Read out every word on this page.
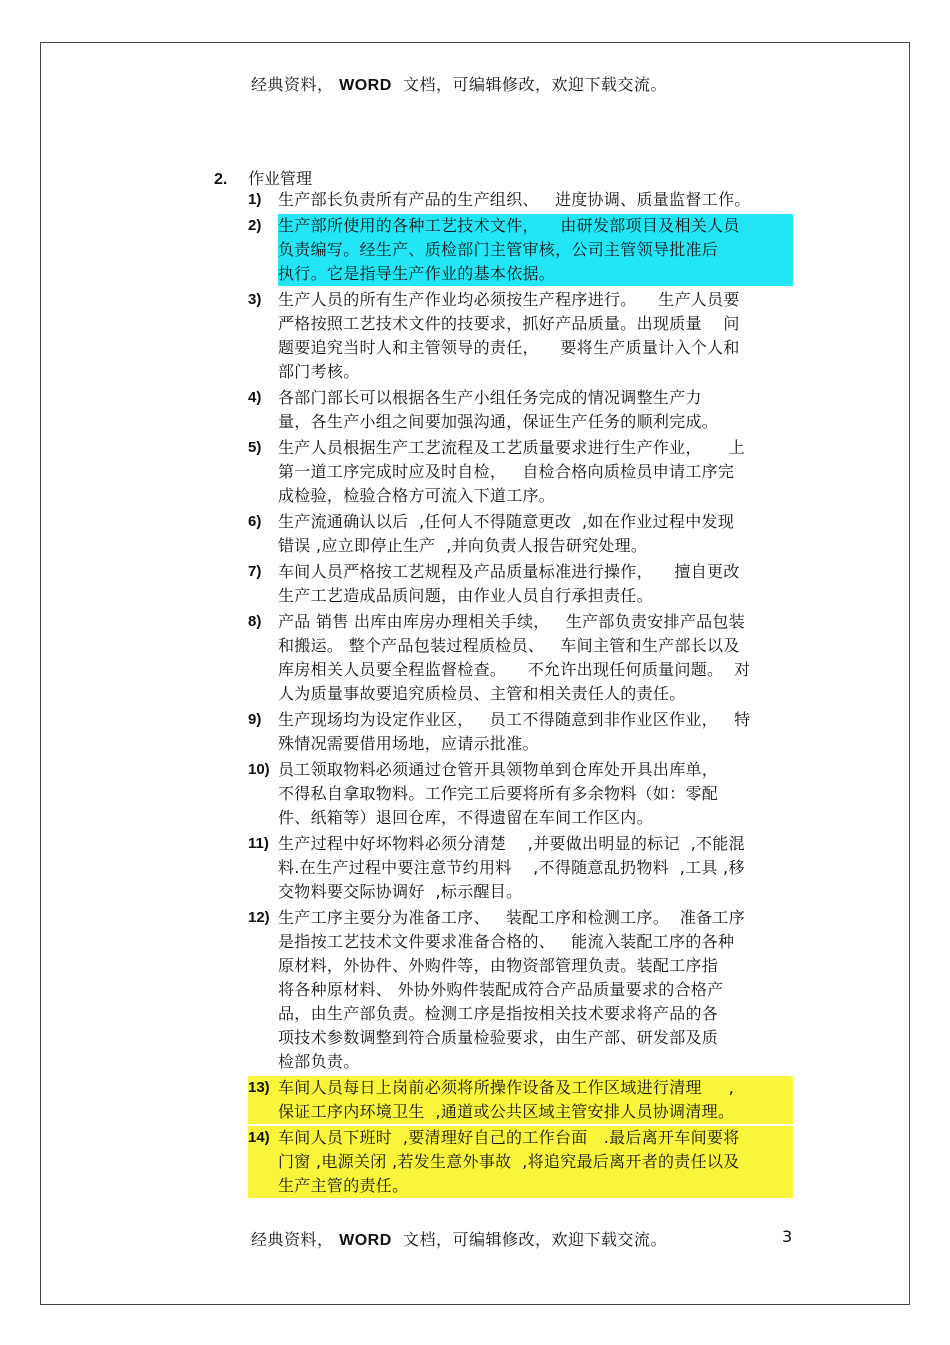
经典资料， WORD 文档，可编辑修改，欢迎下载交流。
2. 作业管理
1)	生产部长负责所有产品的生产组织、   进度协调、质量监督工作。
2)	生产部所使用的各种工艺技术文件，    由研发部项目及相关人员
负责编写。经生产、质检部门主管审核，公司主管领导批准后
执行。它是指导生产作业的基本依据。
3)	生产人员的所有生产作业均必须按生产程序进行。    生产人员要
严格按照工艺技术文件的技要求，抓好产品质量。出现质量    问
题要追究当时人和主管领导的责任，    要将生产质量计入个人和
部门考核。
4)	各部门部长可以根据各生产小组任务完成的情况调整生产力
量，各生产小组之间要加强沟通，保证生产任务的顺利完成。
5)	生产人员根据生产工艺流程及工艺质量要求进行生产作业，     上
第一道工序完成时应及时自检，   自检合格向质检员申请工序完
成检验，检验合格方可流入下道工序。
6)	生产流通确认以后  ,任何人不得随意更改  ,如在作业过程中发现
错误 ,应立即停止生产  ,并向负责人报告研究处理。
7)	车间人员严格按工艺规程及产品质量标准进行操作，    擅自更改
生产工艺造成品质问题，由作业人员自行承担责任。
8)	产品 销售 出库由库房办理相关手续，   生产部负责安排产品包装
和搬运。 整个产品包装过程质检员、   车间主管和生产部长以及
库房相关人员要全程监督检查。    不允许出现任何质量问题。  对
人为质量事故要追究质检员、主管和相关责任人的责任。
9)	生产现场均为设定作业区，   员工不得随意到非作业区作业，   特
殊情况需要借用场地，应请示批准。
10) 员工领取物料必须通过仓管开具领物单到仓库处开具出库单，
不得私自拿取物料。工作完工后要将所有多余物料（如：零配
件、纸箱等）退回仓库，不得遗留在车间工作区内。
11) 生产过程中好坏物料必须分清楚    ,并要做出明显的标记  ,不能混
料.在生产过程中要注意节约用料    ,不得随意乱扔物料  ,工具 ,移
交物料要交际协调好  ,标示醒目。
12) 生产工序主要分为准备工序、   装配工序和检测工序。  准备工序
是指按工艺技术文件要求准备合格的、   能流入装配工序的各种
原材料，外协件、外购件等，由物资部管理负责。装配工序指
将各种原材料、 外协外购件装配成符合产品质量要求的合格产
品，由生产部负责。检测工序是指按相关技术要求将产品的各
项技术参数调整到符合质量检验要求，由生产部、研发部及质
检部负责。
13) 车间人员每日上岗前必须将所操作设备及工作区域进行清理     ,
保证工序内环境卫生  ,通道或公共区域主管安排人员协调清理。
14) 车间人员下班时  ,要清理好自己的工作台面   .最后离开车间要将
门窗 ,电源关闭 ,若发生意外事故  ,将追究最后离开者的责任以及
生产主管的责任。
经典资料， WORD 文档，可编辑修改，欢迎下载交流。	3
